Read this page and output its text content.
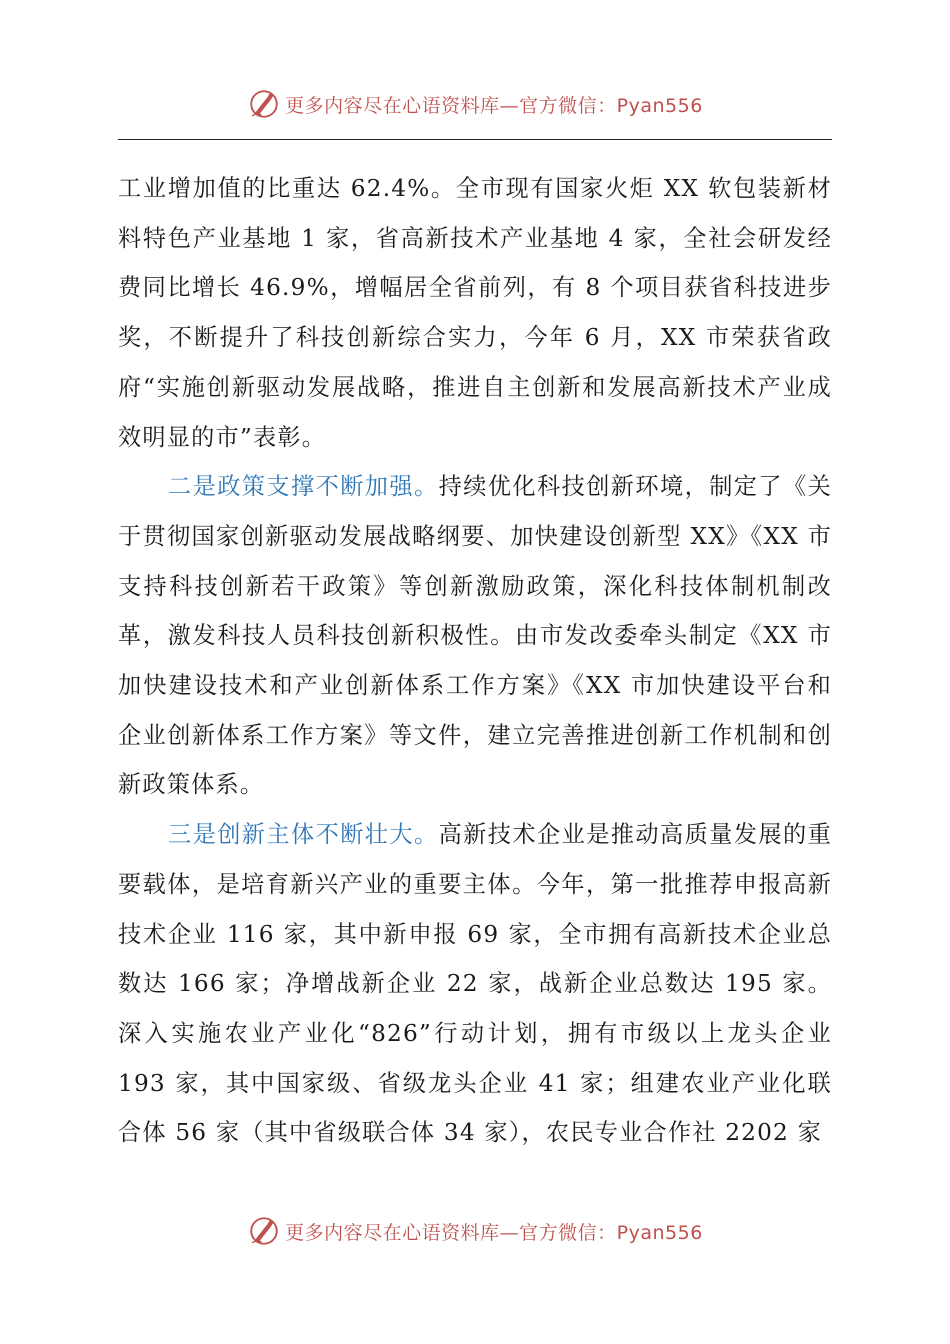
更多内容尽在心语资料库—官方微信：Pyan556

工业增加值的比重达 62.4%。全市现有国家火炬 XX 软包装新材料特色产业基地 1 家，省高新技术产业基地 4 家，全社会研发经费同比增长 46.9%，增幅居全省前列，有 8 个项目获省科技进步奖，不断提升了科技创新综合实力，今年 6 月，XX 市荣获省政府“实施创新驱动发展战略，推进自主创新和发展高新技术产业成效明显的市”表彰。

二是政策支撑不断加强。持续优化科技创新环境，制定了《关于贯彻国家创新驱动发展战略纲要、加快建设创新型 XX》《XX 市支持科技创新若干政策》等创新激励政策，深化科技体制机制改革，激发科技人员科技创新积极性。由市发改委牵头制定《XX 市加快建设技术和产业创新体系工作方案》《XX 市加快建设平台和企业创新体系工作方案》等文件，建立完善推进创新工作机制和创新政策体系。

三是创新主体不断壮大。高新技术企业是推动高质量发展的重要载体，是培育新兴产业的重要主体。今年，第一批推荐申报高新技术企业 116 家，其中新申报 69 家，全市拥有高新技术企业总数达 166 家；净增战新企业 22 家，战新企业总数达 195 家。深入实施农业产业化“826”行动计划，拥有市级以上龙头企业 193 家，其中国家级、省级龙头企业 41 家；组建农业产业化联合体 56 家（其中省级联合体 34 家），农民专业合作社 2202 家

更多内容尽在心语资料库—官方微信：Pyan556
